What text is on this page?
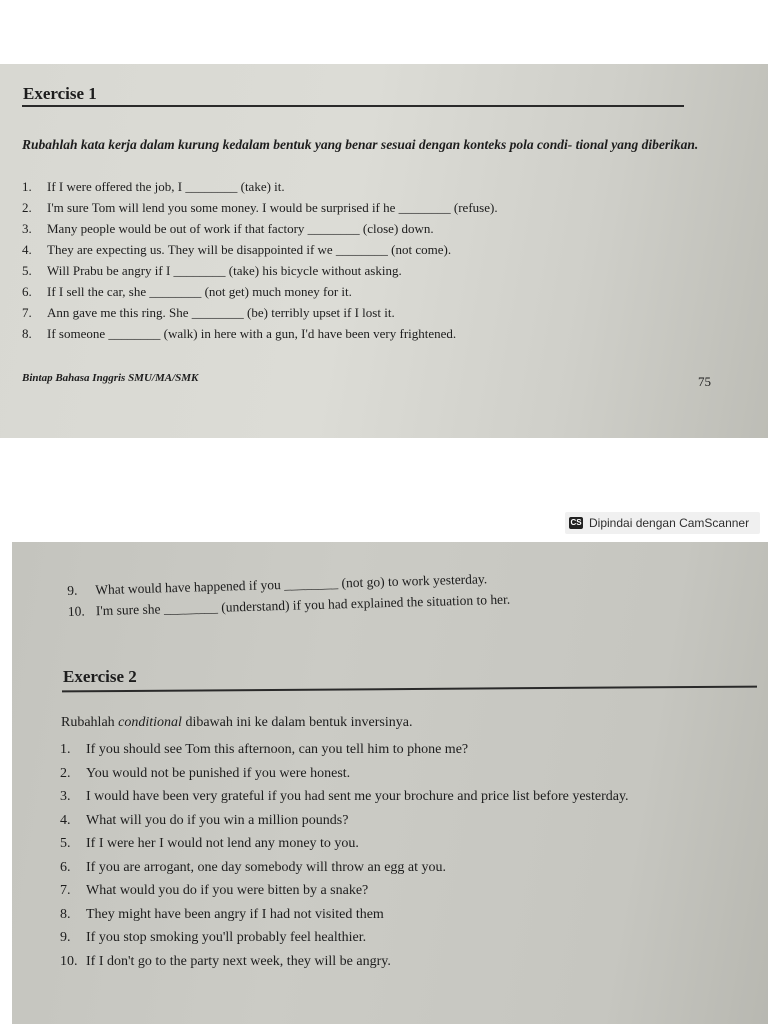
Exercise 1
Rubahlah kata kerja dalam kurung kedalam bentuk yang benar sesuai dengan konteks pola condi- tional yang diberikan.
1. If I were offered the job, I ________ (take) it.
2. I'm sure Tom will lend you some money. I would be surprised if he ________ (refuse).
3. Many people would be out of work if that factory ________ (close) down.
4. They are expecting us. They will be disappointed if we ________ (not come).
5. Will Prabu be angry if I ________ (take) his bicycle without asking.
6. If I sell the car, she ________ (not get) much money for it.
7. Ann gave me this ring. She ________ (be) terribly upset if I lost it.
8. If someone ________ (walk) in here with a gun, I'd have been very frightened.
Bintap Bahasa Inggris SMU/MA/SMK	75
CS Dipindai dengan CamScanner
9. What would have happened if you ________ (not go) to work yesterday.
10. I'm sure she ________ (understand) if you had explained the situation to her.
Exercise 2
Rubahlah conditional dibawah ini ke dalam bentuk inversinya.
1. If you should see Tom this afternoon, can you tell him to phone me?
2. You would not be punished if you were honest.
3. I would have been very grateful if you had sent me your brochure and price list before yesterday.
4. What will you do if you win a million pounds?
5. If I were her I would not lend any money to you.
6. If you are arrogant, one day somebody will throw an egg at you.
7. What would you do if you were bitten by a snake?
8. They might have been angry if I had not visited them
9. If you stop smoking you'll probably feel healthier.
10. If I don't go to the party next week, they will be angry.
